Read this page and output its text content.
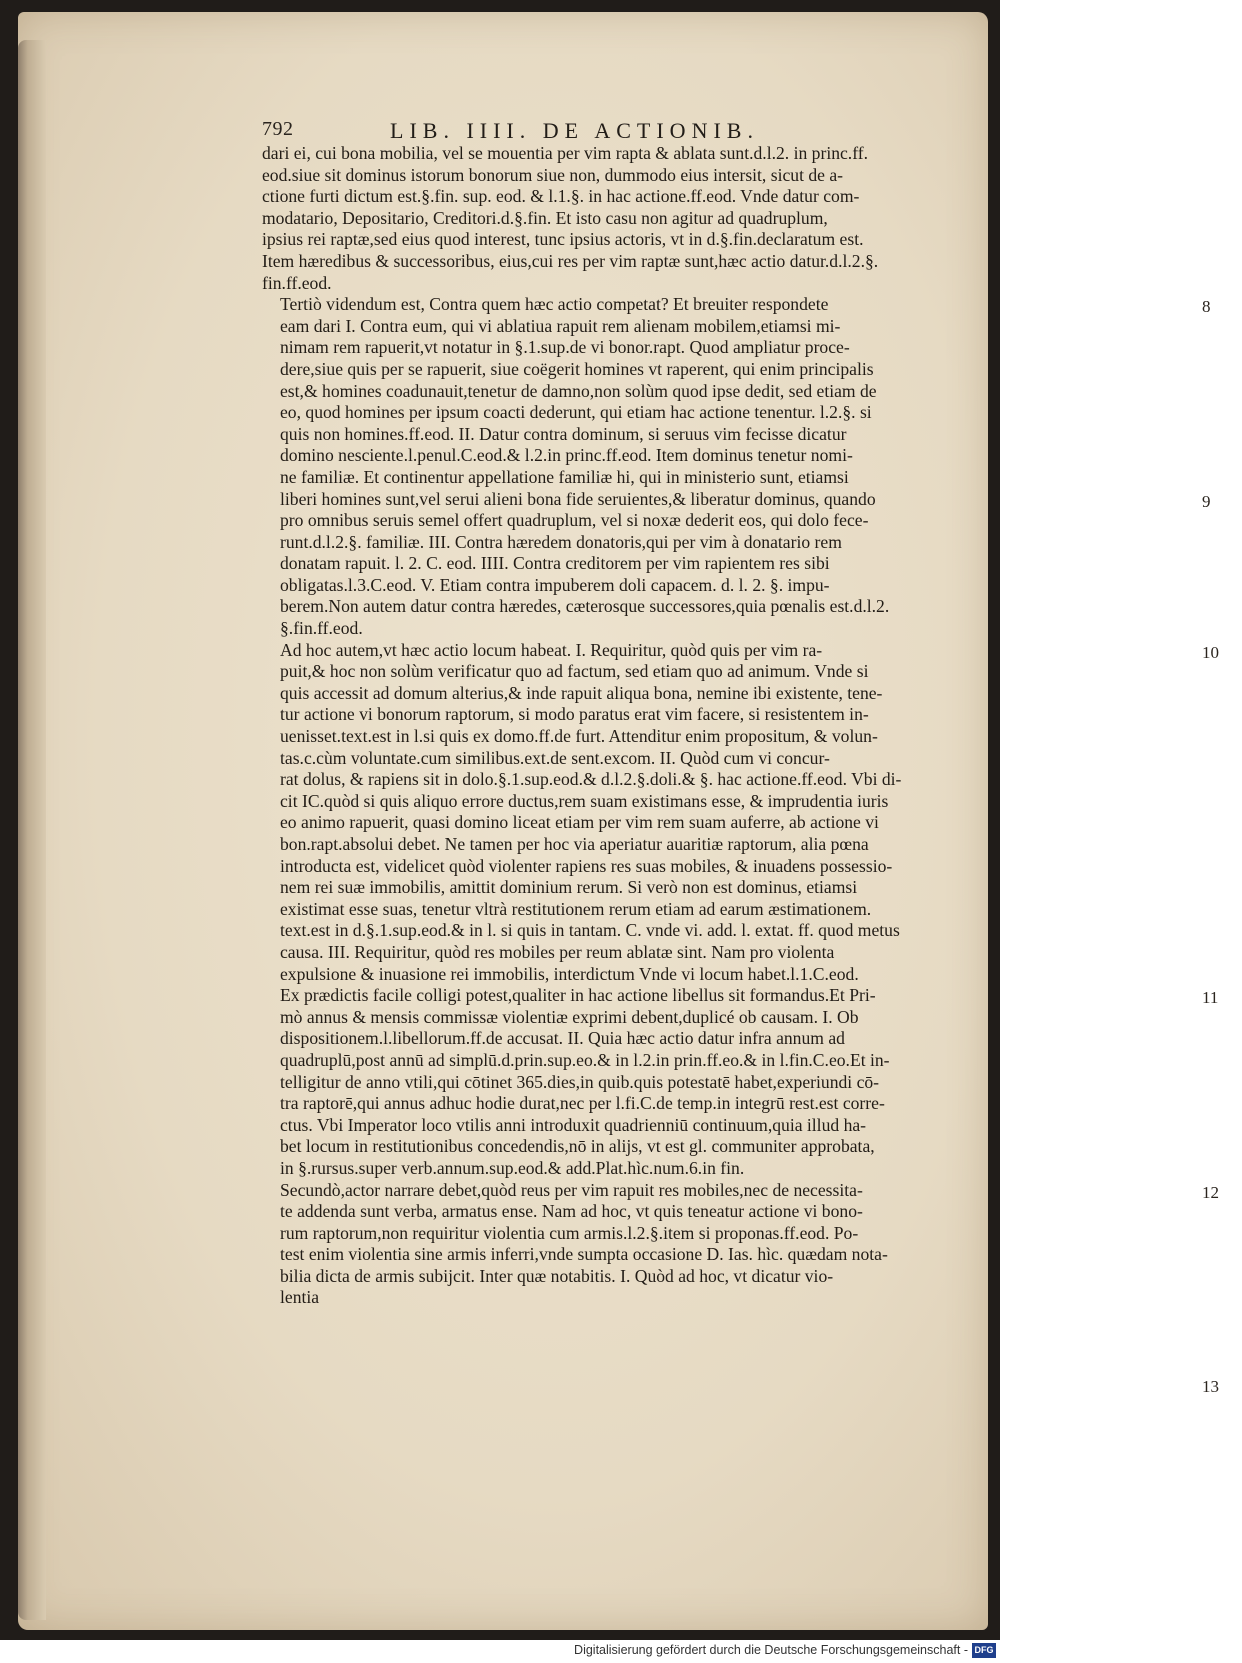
792	LIB. IIII. DE ACTIONIB.
dari ei, cui bona mobilia, vel se mouentia per vim rapta & ablata sunt.d.l.2. in princ.ff.
eod.siue sit dominus istorum bonorum siue non, dummodo eius intersit, sicut de a-
ctione furti dictum est.§.fin. sup. eod. & l.1.§. in hac actione.ff.eod. Vnde datur com-
modatario, Depositario, Creditori.d.§.fin. Et isto casu non agitur ad quadruplum,
ipsius rei raptæ,sed eius quod interest, tunc ipsius actoris, vt in d.§.fin.declaratum est.
Item hæredibus & successoribus, eius,cui res per vim raptæ sunt,hæc actio datur.d.l.2.§.
fin.ff.eod.
Tertiò videndum est, Contra quem hæc actio competat? Et breuiter respondete
eam dari I. Contra eum, qui vi ablatiua rapuit rem alienam mobilem,etiamsi mi-
nimam rem rapuerit,vt notatur in §.1.sup.de vi bonor.rapt. Quod ampliatur proce-
dere,siue quis per se rapuerit, siue coëgerit homines vt raperent, qui enim principalis
est,& homines coadunauit,tenetur de damno,non solùm quod ipse dedit, sed etiam de
eo, quod homines per ipsum coacti dederunt, qui etiam hac actione tenentur. l.2.§. si
quis non homines.ff.eod. II. Datur contra dominum, si seruus vim fecisse dicatur
domino nesciente.l.penul.C.eod.& l.2.in princ.ff.eod. Item dominus tenetur nomi-
ne familiæ. Et continentur appellatione familiæ hi, qui in ministerio sunt, etiamsi
liberi homines sunt,vel serui alieni bona fide seruientes,& liberatur dominus, quando
pro omnibus seruis semel offert quadruplum, vel si noxæ dederit eos, qui dolo fece-
runt.d.l.2.§. familiæ. III. Contra hæredem donatoris,qui per vim à donatario rem
donatam rapuit. l. 2. C. eod. IIII. Contra creditorem per vim rapientem res sibi
obligatas.l.3.C.eod. V. Etiam contra impuberem doli capacem. d. l. 2. §. impu-
berem.Non autem datur contra hæredes, cæterosque successores,quia pœnalis est.d.l.2.
§.fin.ff.eod.
Ad hoc autem,vt hæc actio locum habeat. I. Requiritur, quòd quis per vim ra-
puit,& hoc non solùm verificatur quo ad factum, sed etiam quo ad animum. Vnde si
quis accessit ad domum alterius,& inde rapuit aliqua bona, nemine ibi existente, tene-
tur actione vi bonorum raptorum, si modo paratus erat vim facere, si resistentem in-
uenisset.text.est in l.si quis ex domo.ff.de furt. Attenditur enim propositum, & volun-
tas.c.cùm voluntate.cum similibus.ext.de sent.excom. II. Quòd cum vi concur-
rat dolus, & rapiens sit in dolo.§.1.sup.eod.& d.l.2.§.doli.& §. hac actione.ff.eod. Vbi di-
cit IC.quòd si quis aliquo errore ductus,rem suam existimans esse, & imprudentia iuris
eo animo rapuerit, quasi domino liceat etiam per vim rem suam auferre, ab actione vi
bon.rapt.absolui debet. Ne tamen per hoc via aperiatur auaritiæ raptorum, alia pœna
introducta est, videlicet quòd violenter rapiens res suas mobiles, & inuadens possessio-
nem rei suæ immobilis, amittit dominium rerum. Si verò non est dominus, etiamsi
existimat esse suas, tenetur vltrà restitutionem rerum etiam ad earum æstimationem.
text.est in d.§.1.sup.eod.& in l. si quis in tantam. C. vnde vi. add. l. extat. ff. quod metus
causa. III. Requiritur, quòd res mobiles per reum ablatæ sint. Nam pro violenta
expulsione & inuasione rei immobilis, interdictum Vnde vi locum habet.l.1.C.eod.
Ex prædictis facile colligi potest,qualiter in hac actione libellus sit formandus.Et Pri-
mò annus & mensis commissæ violentiæ exprimi debent,duplicé ob causam. I. Ob
dispositionem.l.libellorum.ff.de accusat. II. Quia hæc actio datur infra annum ad
quadruplū,post annū ad simplū.d.prin.sup.eo.& in l.2.in prin.ff.eo.& in l.fin.C.eo.Et in-
telligitur de anno vtili,qui cōtinet 365.dies,in quib.quis potestatē habet,experiundi cō-
tra raptorē,qui annus adhuc hodie durat,nec per l.fi.C.de temp.in integrū rest.est corre-
ctus. Vbi Imperator loco vtilis anni introduxit quadrienniū continuum,quia illud ha-
bet locum in restitutionibus concedendis,nō in alijs, vt est gl. communiter approbata,
in §.rursus.super verb.annum.sup.eod.& add.Plat.hìc.num.6.in fin.
Secundò,actor narrare debet,quòd reus per vim rapuit res mobiles,nec de necessita-
te addenda sunt verba, armatus ense. Nam ad hoc, vt quis teneatur actione vi bono-
rum raptorum,non requiritur violentia cum armis.l.2.§.item si proponas.ff.eod. Po-
test enim violentia sine armis inferri,vnde sumpta occasione D. Ias. hìc. quædam nota-
bilia dicta de armis subijcit. Inter quæ notabitis. I. Quòd ad hoc, vt dicatur vio-
lentia
8
9
10
11
12
13
Digitalisierung gefördert durch die Deutsche Forschungsgemeinschaft - DFG
